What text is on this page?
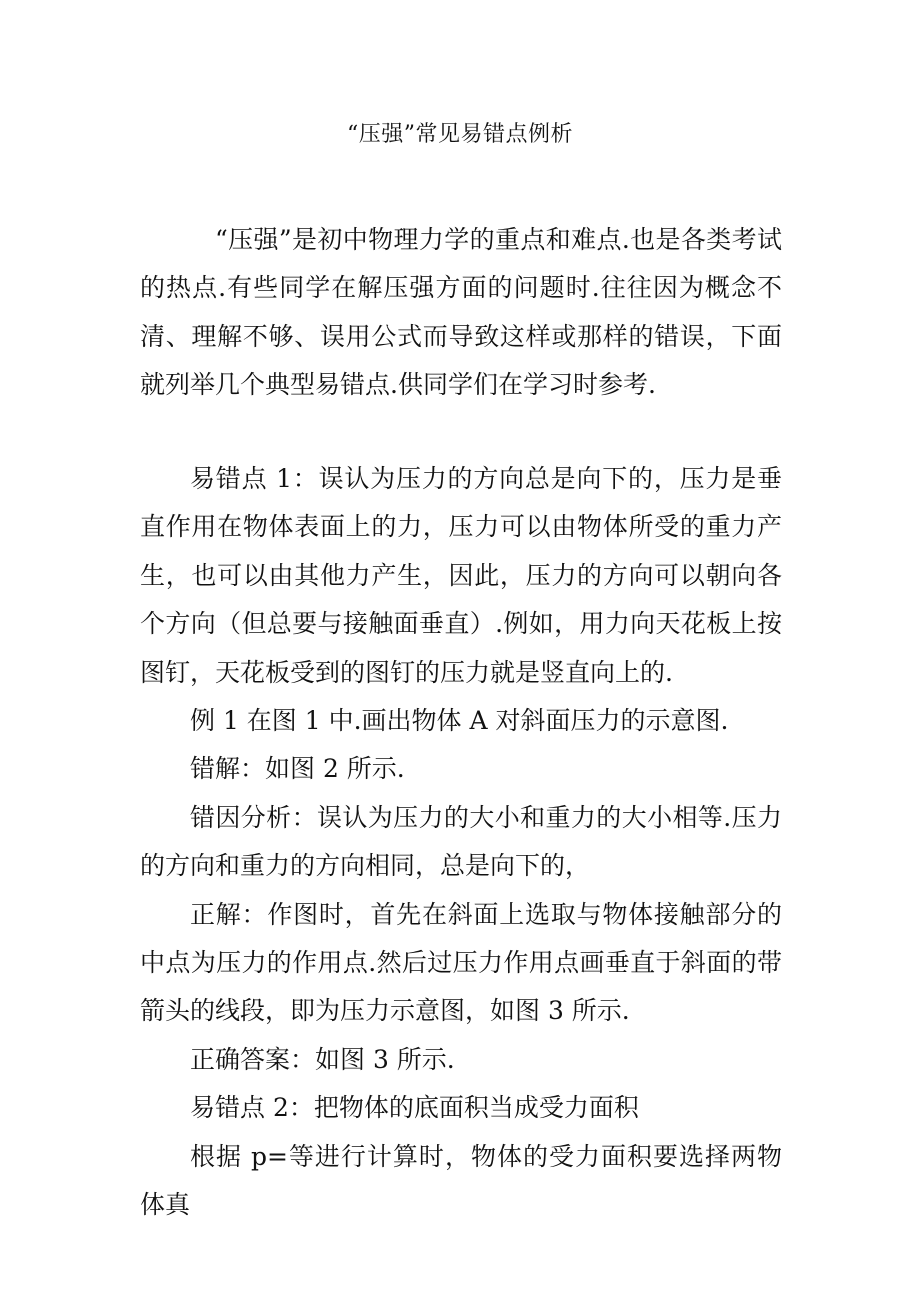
“压强”常见易错点例析

“压强”是初中物理力学的重点和难点.也是各类考试的热点.有些同学在解压强方面的问题时.往往因为概念不清、理解不够、误用公式而导致这样或那样的错误，下面就列举几个典型易错点.供同学们在学习时参考.

易错点 1：误认为压力的方向总是向下的，压力是垂直作用在物体表面上的力，压力可以由物体所受的重力产生，也可以由其他力产生，因此，压力的方向可以朝向各个方向（但总要与接触面垂直）.例如，用力向天花板上按图钉，天花板受到的图钉的压力就是竖直向上的.

例 1 在图 1 中.画出物体 A 对斜面压力的示意图.

错解：如图 2 所示.

错因分析：误认为压力的大小和重力的大小相等.压力的方向和重力的方向相同，总是向下的，

正解：作图时，首先在斜面上选取与物体接触部分的中点为压力的作用点.然后过压力作用点画垂直于斜面的带箭头的线段，即为压力示意图，如图 3 所示.

正确答案：如图 3 所示.

易错点 2：把物体的底面积当成受力面积

根据 p=等进行计算时，物体的受力面积要选择两物体真
